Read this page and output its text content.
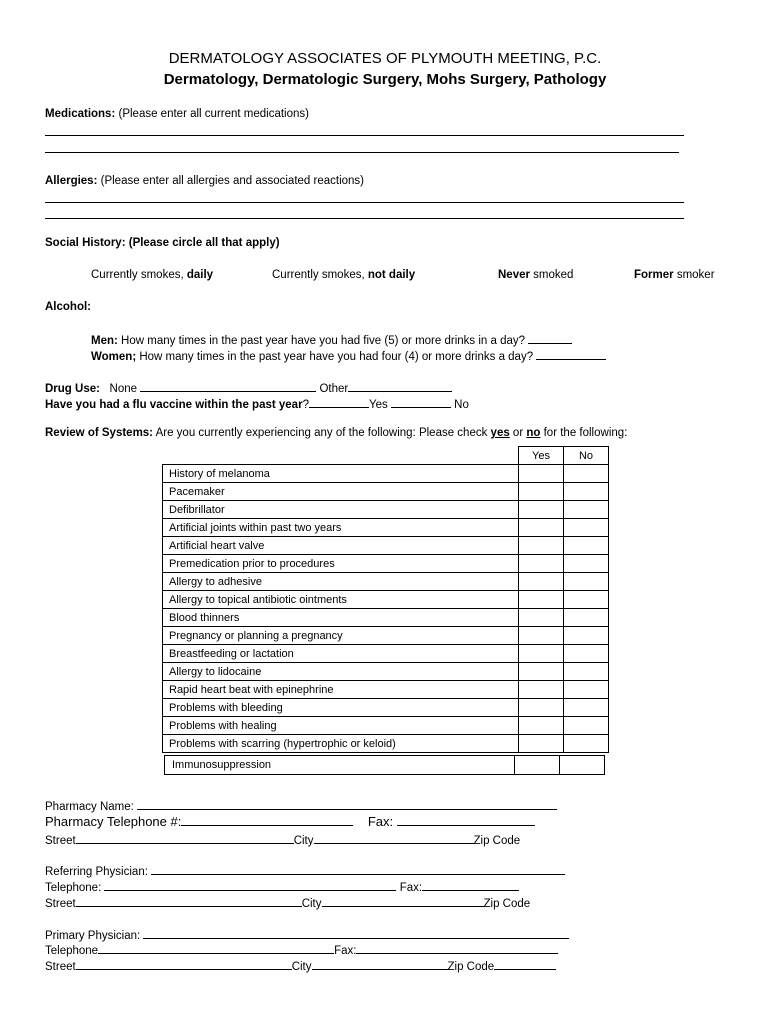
DERMATOLOGY ASSOCIATES OF PLYMOUTH MEETING, P.C.
Dermatology, Dermatologic Surgery, Mohs Surgery, Pathology
Medications: (Please enter all current medications)
Allergies: (Please enter all allergies and associated reactions)
Social History: (Please circle all that apply)
Currently smokes, daily	Currently smokes, not daily	Never smoked	Former smoker
Alcohol:
Men: How many times in the past year have you had five (5) or more drinks in a day?
Women; How many times in the past year have you had four (4) or more drinks a day?
Drug Use: None	Other
Have you had a flu vaccine within the past year?	Yes	No
Review of Systems: Are you currently experiencing any of the following: Please check yes or no for the following:
	Yes	No
History of melanoma		
Pacemaker		
Defibrillator		
Artificial joints within past two years		
Artificial heart valve		
Premedication prior to procedures		
Allergy to adhesive		
Allergy to topical antibiotic ointments		
Blood thinners		
Pregnancy or planning a pregnancy		
Breastfeeding or lactation		
Allergy to lidocaine		
Rapid heart beat with epinephrine		
Problems with bleeding		
Problems with healing		
Problems with scarring (hypertrophic or keloid)		
Immunosuppression		
Pharmacy Name:
Pharmacy Telephone #:	Fax:
Street	City	Zip Code
Referring Physician:
Telephone:	Fax:
Street	City	Zip Code
Primary Physician:
Telephone	Fax:
Street	City	Zip Code
